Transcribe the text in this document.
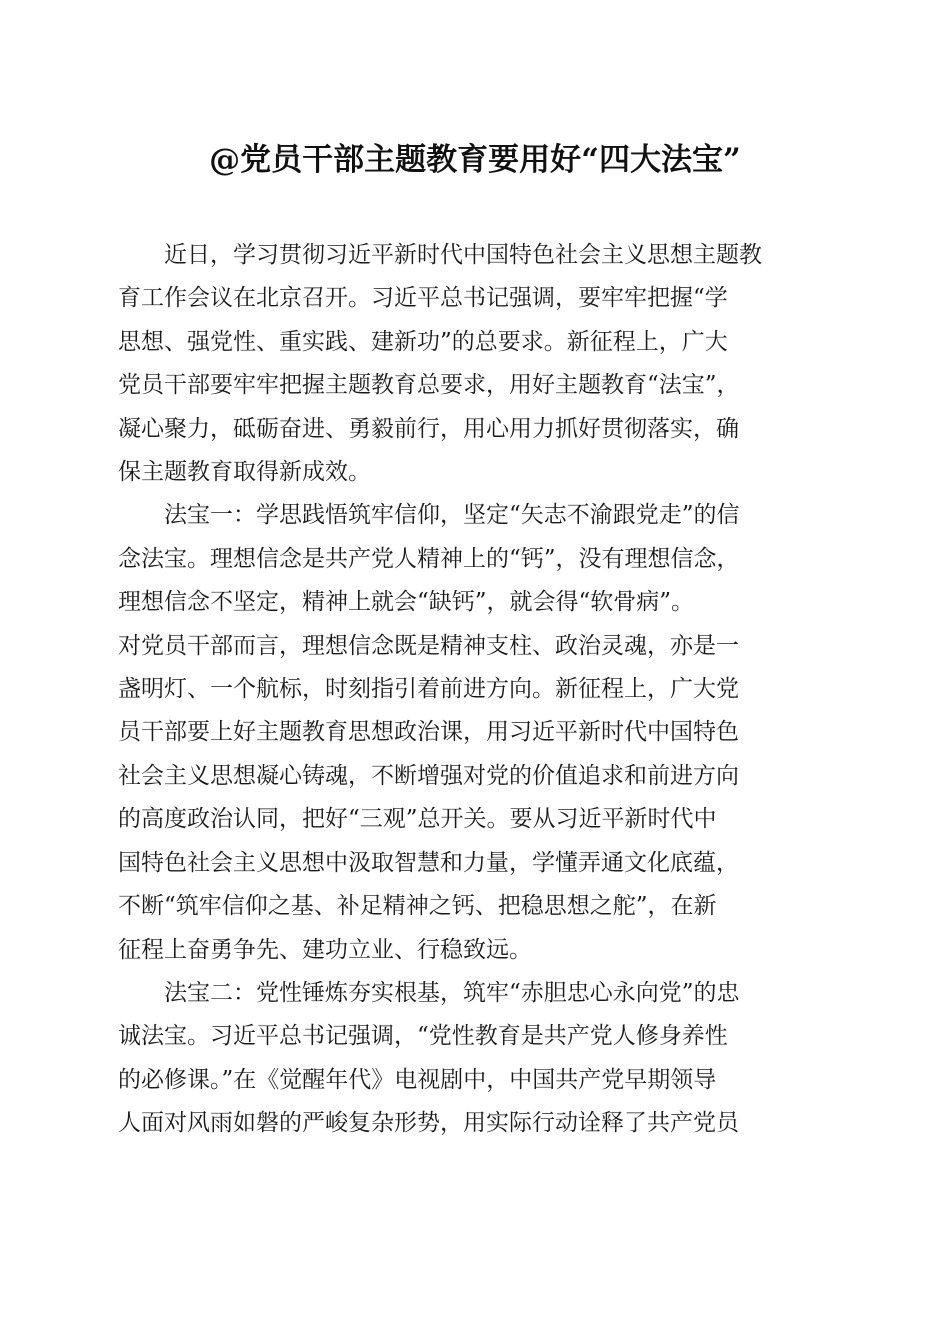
@党员干部主题教育要用好“四大法宝”

近日，学习贯彻习近平新时代中国特色社会主义思想主题教
育工作会议在北京召开。习近平总书记强调，要牢牢把握“学
思想、强党性、重实践、建新功”的总要求。新征程上，广大
党员干部要牢牢把握主题教育总要求，用好主题教育“法宝”，
凝心聚力，砥砺奋进、勇毅前行，用心用力抓好贯彻落实，确
保主题教育取得新成效。

法宝一：学思践悟筑牢信仰，坚定“矢志不渝跟党走”的信
念法宝。理想信念是共产党人精神上的“钙”，没有理想信念，
理想信念不坚定，精神上就会“缺钙”，就会得“软骨病”。
对党员干部而言，理想信念既是精神支柱、政治灵魂，亦是一
盏明灯、一个航标，时刻指引着前进方向。新征程上，广大党
员干部要上好主题教育思想政治课，用习近平新时代中国特色
社会主义思想凝心铸魂，不断增强对党的价值追求和前进方向
的高度政治认同，把好“三观”总开关。要从习近平新时代中
国特色社会主义思想中汲取智慧和力量，学懂弄通文化底蕴，
不断“筑牢信仰之基、补足精神之钙、把稳思想之舵”，在新
征程上奋勇争先、建功立业、行稳致远。

法宝二：党性锤炼夯实根基，筑牢“赤胆忠心永向党”的忠
诚法宝。习近平总书记强调，“党性教育是共产党人修身养性
的必修课。”在《觉醒年代》电视剧中，中国共产党早期领导
人面对风雨如磐的严峻复杂形势，用实际行动诠释了共产党员
